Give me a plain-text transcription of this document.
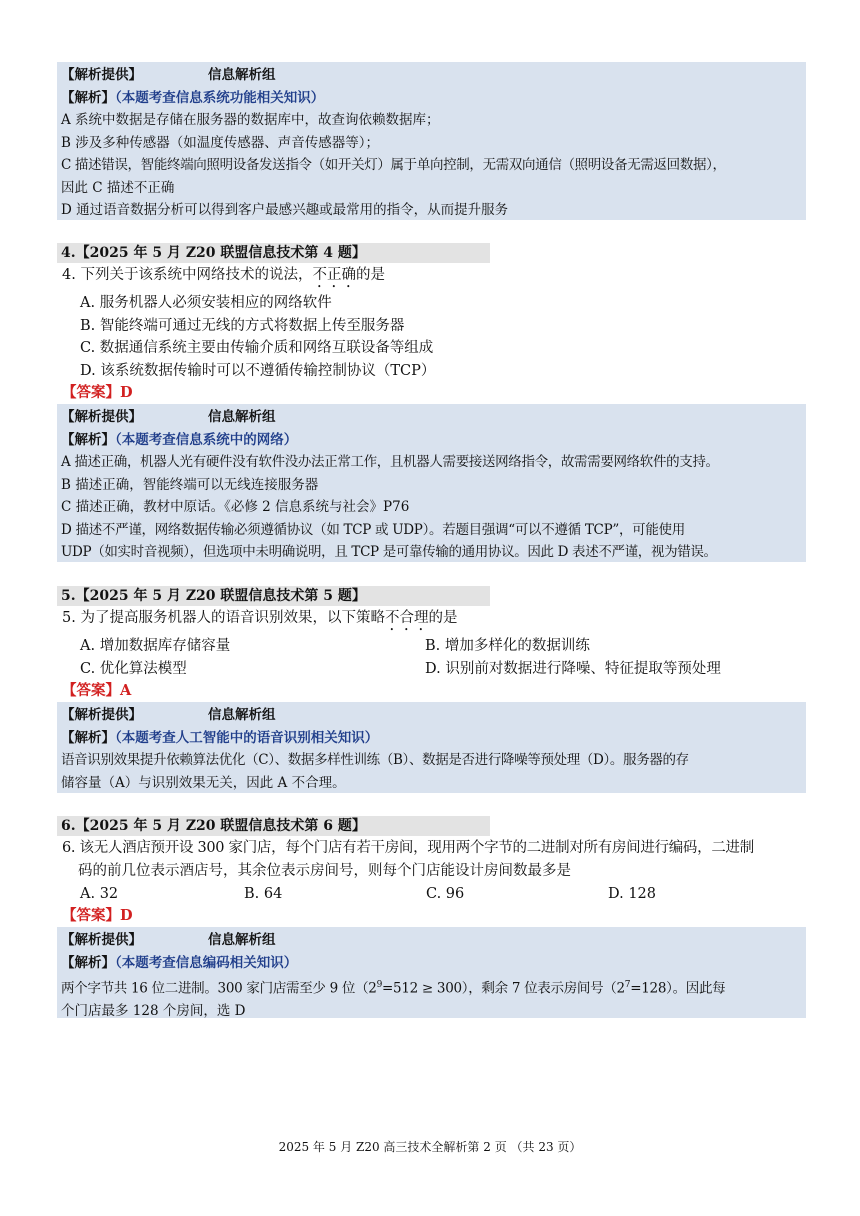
【解析提供】	信息解析组

【解析】（本题考查信息系统功能相关知识）

A 系统中数据是存储在服务器的数据库中，故查询依赖数据库；

B 涉及多种传感器（如温度传感器、声音传感器等）；

C 描述错误，智能终端向照明设备发送指令（如开关灯）属于单向控制，无需双向通信（照明设备无需返回数据），

因此 C 描述不正确

D 通过语音数据分析可以得到客户最感兴趣或最常用的指令，从而提升服务

4.【2025 年 5 月 Z20 联盟信息技术第 4 题】
4. 下列关于该系统中网络技术的说法，不正确的是
A. 服务机器人必须安装相应的网络软件
B. 智能终端可通过无线的方式将数据上传至服务器
C. 数据通信系统主要由传输介质和网络互联设备等组成
D. 该系统数据传输时可以不遵循传输控制协议（TCP）
【答案】D

【解析提供】	信息解析组

【解析】（本题考查信息系统中的网络）

A 描述正确，机器人光有硬件没有软件没办法正常工作，且机器人需要接送网络指令，故需需要网络软件的支持。

B 描述正确，智能终端可以无线连接服务器

C 描述正确，教材中原话。《必修 2 信息系统与社会》P76

D 描述不严谨，网络数据传输必须遵循协议（如 TCP 或 UDP）。若题目强调“可以不遵循 TCP”，可能使用

UDP（如实时音视频），但选项中未明确说明，且 TCP 是可靠传输的通用协议。因此 D 表述不严谨，视为错误。

5.【2025 年 5 月 Z20 联盟信息技术第 5 题】
5. 为了提高服务机器人的语音识别效果，以下策略不合理的是
A. 增加数据库存储容量	B. 增加多样化的数据训练
C. 优化算法模型	D. 识别前对数据进行降噪、特征提取等预处理
【答案】A

【解析提供】	信息解析组

【解析】（本题考查人工智能中的语音识别相关知识）

语音识别效果提升依赖算法优化（C）、数据多样性训练（B）、数据是否进行降噪等预处理（D）。服务器的存

储容量（A）与识别效果无关，因此 A 不合理。

6.【2025 年 5 月 Z20 联盟信息技术第 6 题】
6. 该无人酒店预开设 300 家门店，每个门店有若干房间，现用两个字节的二进制对所有房间进行编码，二进制
码的前几位表示酒店号，其余位表示房间号，则每个门店能设计房间数最多是
A. 32	B. 64	C. 96	D. 128
【答案】D

【解析提供】	信息解析组

【解析】（本题考查信息编码相关知识）

两个字节共 16 位二进制。300 家门店需至少 9 位$(2^9=512 \ge 300)$，剩余 7 位表示房间号$(2^7=128)$。因此每

个门店最多 128 个房间，选 D

2025 年 5 月 Z20 高三技术全解析第 2 页 （共 23 页）
